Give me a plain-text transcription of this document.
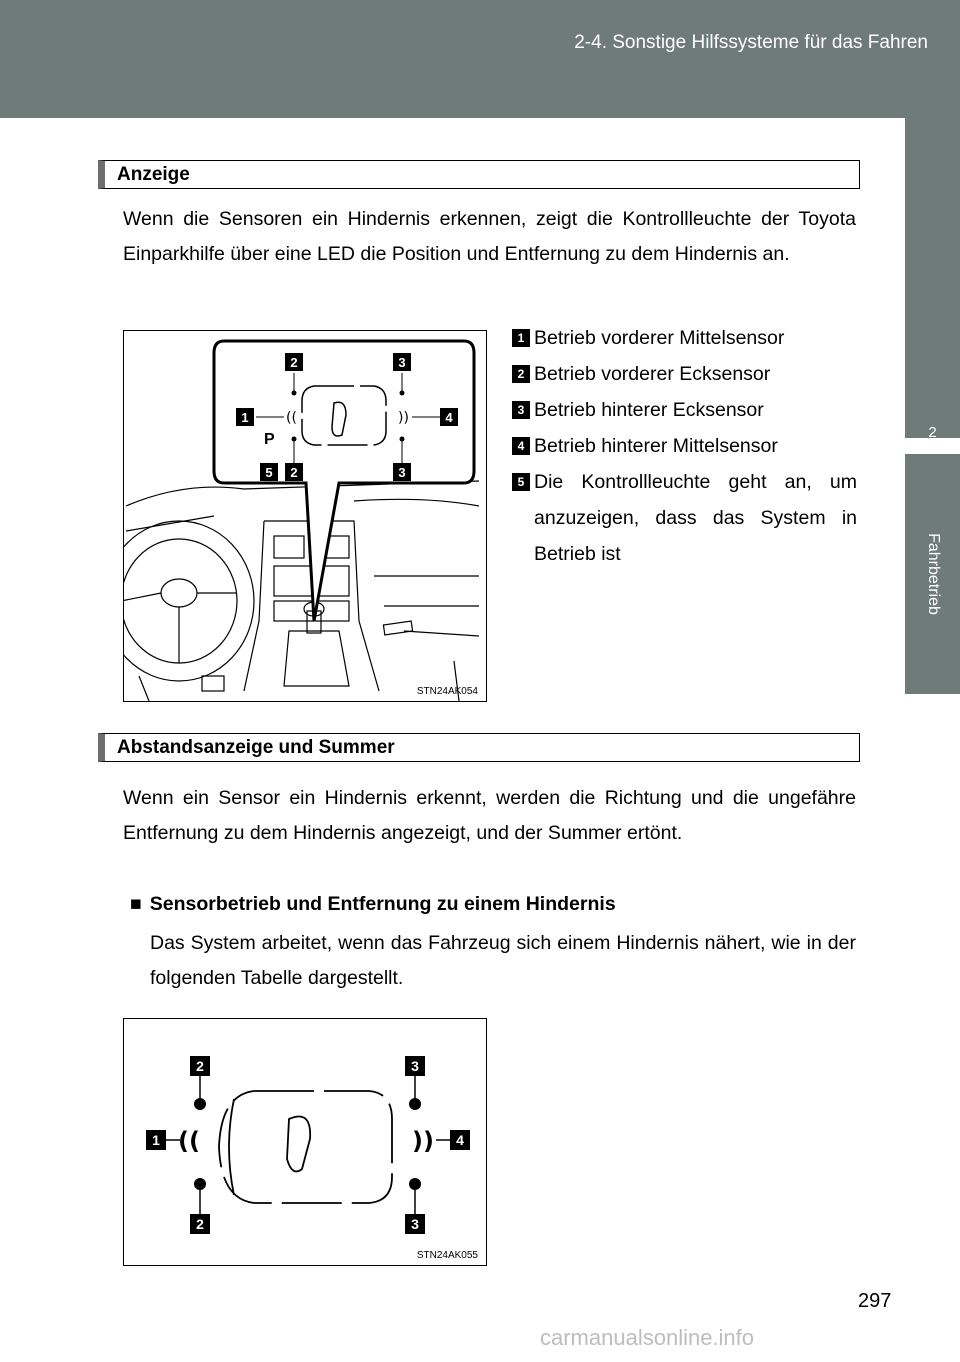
2-4. Sonstige Hilfssysteme für das Fahren
2
Fahrbetrieb
Anzeige
Wenn die Sensoren ein Hindernis erkennen, zeigt die Kontrollleuchte der Toyota Einparkhilfe über eine LED die Position und Entfernung zu dem Hindernis an.
((	))
P
2	3
1	4
5 2	3
STN24AK054
1 Betrieb vorderer Mittelsensor
2 Betrieb vorderer Ecksensor
3 Betrieb hinterer Ecksensor
4 Betrieb hinterer Mittelsensor
5 Die Kontrollleuchte geht an, um anzuzeigen, dass das System in Betrieb ist
Abstandsanzeige und Summer
Wenn ein Sensor ein Hindernis erkennt, werden die Richtung und die ungefähre Entfernung zu dem Hindernis angezeigt, und der Summer ertönt.
■ Sensorbetrieb und Entfernung zu einem Hindernis
Das System arbeitet, wenn das Fahrzeug sich einem Hindernis nähert, wie in der folgenden Tabelle dargestellt.
((	))
2	3
1	4
2	3
STN24AK055
297
carmanualsonline.info
